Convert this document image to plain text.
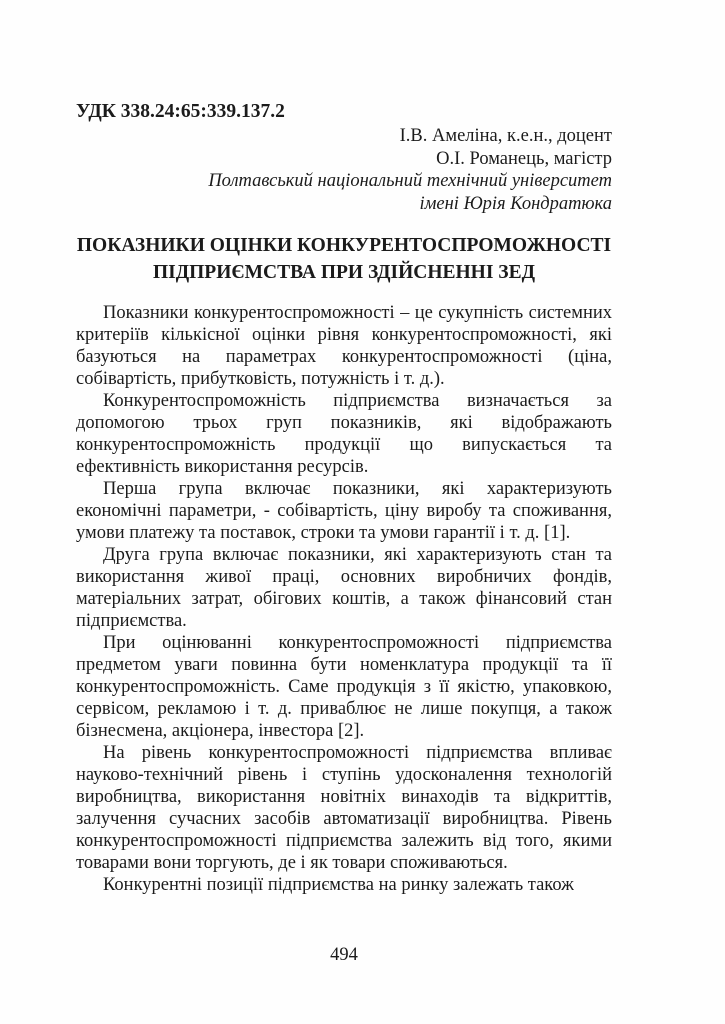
УДК 338.24:65:339.137.2
І.В. Амеліна, к.е.н., доцент
О.І. Романець, магістр
Полтавський національний технічний університет
імені Юрія Кондратюка
ПОКАЗНИКИ ОЦІНКИ КОНКУРЕНТОСПРОМОЖНОСТІ
ПІДПРИЄМСТВА ПРИ ЗДІЙСНЕННІ ЗЕД

Показники конкурентоспроможності – це сукупність системних критеріїв кількісної оцінки рівня конкурентоспроможності, які базуються на параметрах конкурентоспроможності (ціна, собівартість, прибутковість, потужність і т. д.).

Конкурентоспроможність підприємства визначається за допомогою трьох груп показників, які відображають конкурентоспроможність продукції що випускається та ефективність використання ресурсів.

Перша група включає показники, які характеризують економічні параметри, - собівартість, ціну виробу та споживання, умови платежу та поставок, строки та умови гарантії і т. д. [1].

Друга група включає показники, які характеризують стан та використання живої праці, основних виробничих фондів, матеріальних затрат, обігових коштів, а також фінансовий стан підприємства.

При оцінюванні конкурентоспроможності підприємства предметом уваги повинна бути номенклатура продукції та її конкурентоспроможність. Саме продукція з її якістю, упаковкою, сервісом, рекламою і т. д. приваблює не лише покупця, а також бізнесмена, акціонера, інвестора [2].

На рівень конкурентоспроможності підприємства впливає науково-технічний рівень і ступінь удосконалення технологій виробництва, використання новітніх винаходів та відкриттів, залучення сучасних засобів автоматизації виробництва. Рівень конкурентоспроможності підприємства залежить від того, якими товарами вони торгують, де і як товари споживаються.

Конкурентні позиції підприємства на ринку залежать також

494
